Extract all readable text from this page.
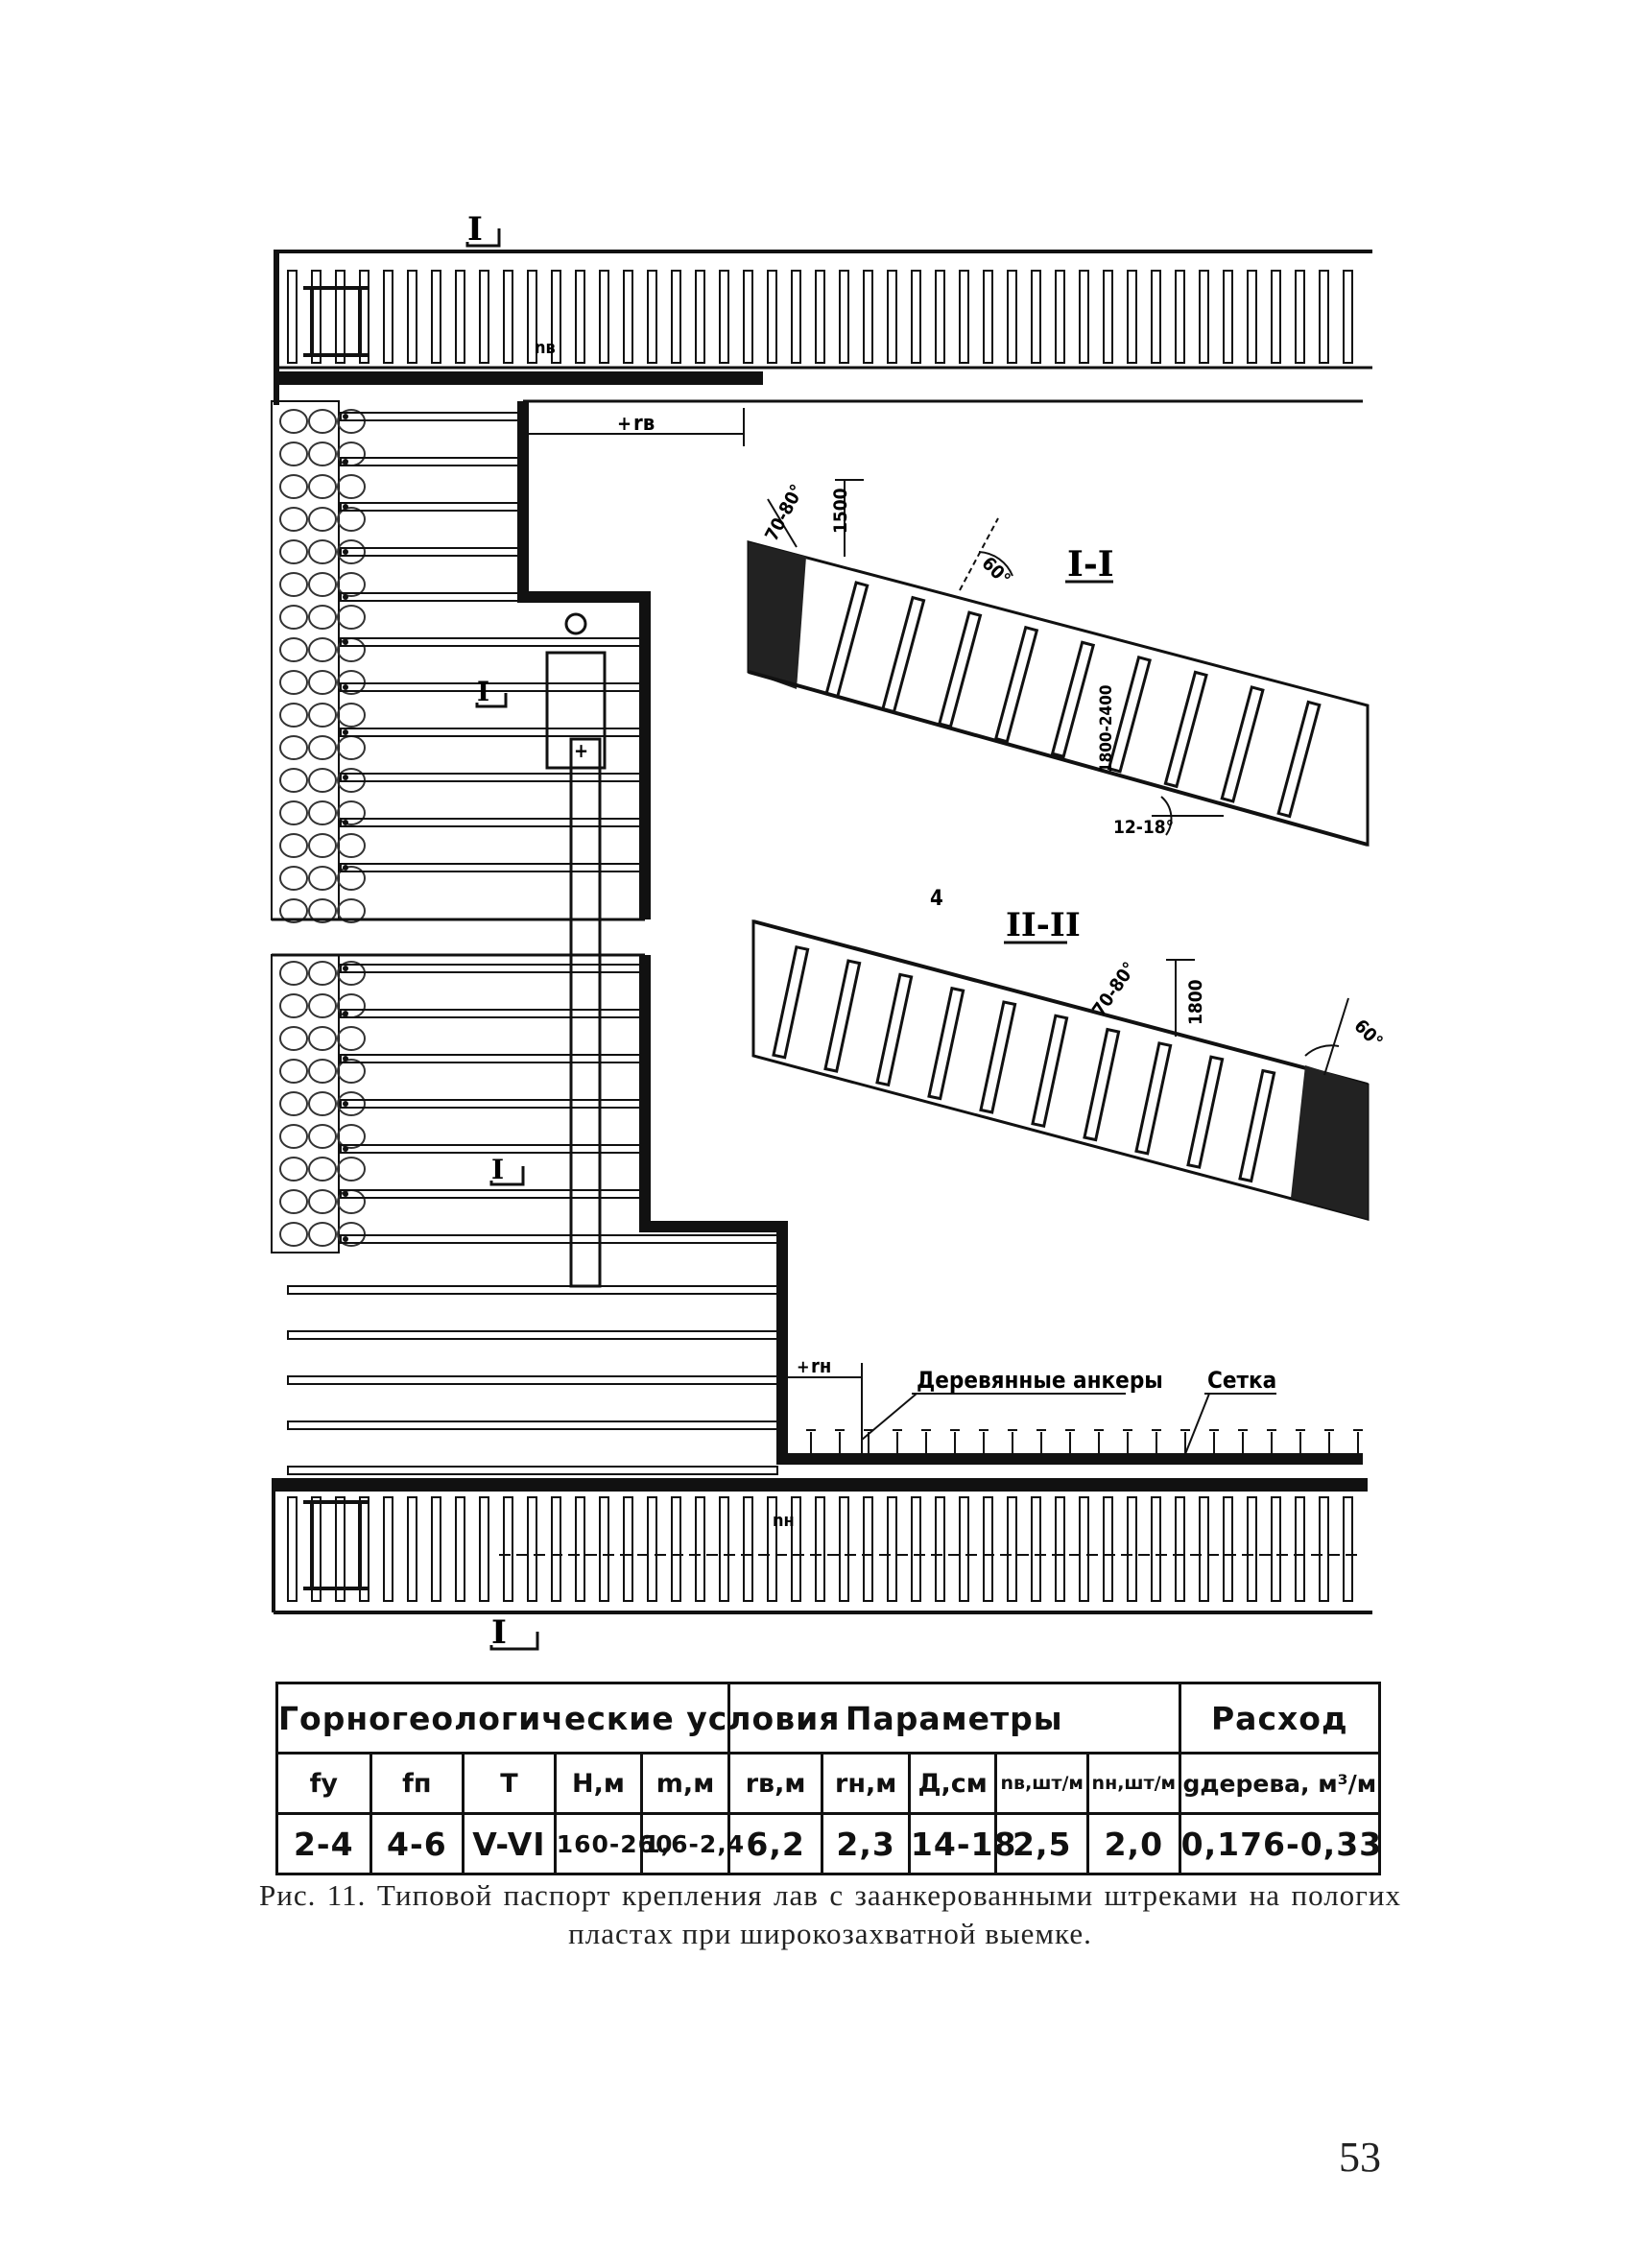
I
nв
+
I
I
+ rв
+ rн
Деревянные анкеры Сетка
nн
I
I-I
70-80° 1500
60°
1800-2400
12-18°
4
II-II
70-80° 1800
60°
Горногеологические условия					Параметры					Расход
fу	fп	T	H,м	m,м	rв,м	rн,м	Д,см	nв,шт/м	nн,шт/м	gдерева, м³/м
2-4	4-6	V-VI	160-260	1,6-2,4	6,2	2,3	14-18	2,5	2,0	0,176-0,33
Рис. 11. Типовой паспорт крепления лав с заанкерованными штреками на пологих пластах при широкозахватной выемке.
53
